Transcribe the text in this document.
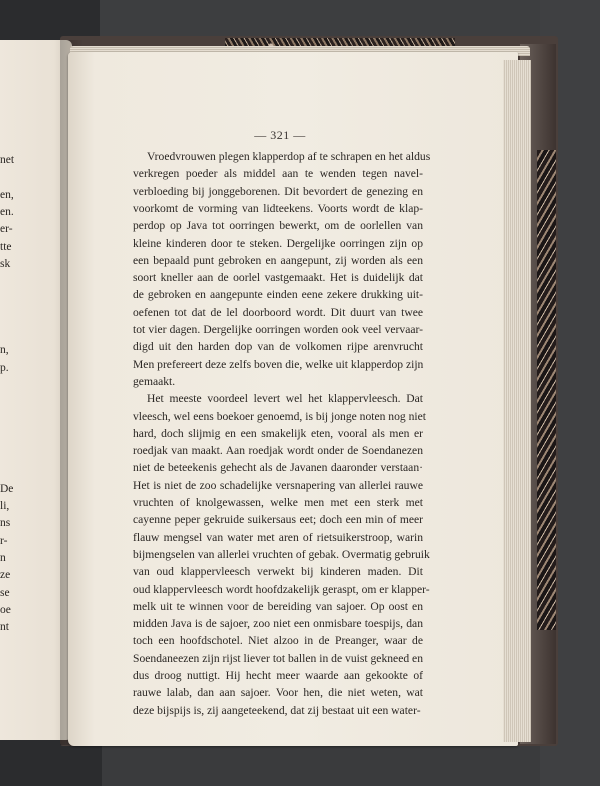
net
en,
en.
er-
tte
sk
n,
p.
De
li,
ns
r-
n
ze
se
oe
nt
— 321 —
Vroedvrouwen plegen klapperdop af te schrapen en het aldus
verkregen poeder als middel aan te wenden tegen navel-
verbloeding bij jonggeborenen. Dit bevordert de genezing en
voorkomt de vorming van lidteekens. Voorts wordt de klap-
perdop op Java tot oorringen bewerkt, om de oorlellen van
kleine kinderen door te steken. Dergelijke oorringen zijn op
een bepaald punt gebroken en aangepunt, zij worden als een
soort kneller aan de oorlel vastgemaakt. Het is duidelijk dat
de gebroken en aangepunte einden eene zekere drukking uit-
oefenen tot dat de lel doorboord wordt. Dit duurt van twee
tot vier dagen. Dergelijke oorringen worden ook veel vervaar-
digd uit den harden dop van de volkomen rijpe arenvrucht
Men prefereert deze zelfs boven die, welke uit klapperdop zijn
gemaakt.
Het meeste voordeel levert wel het klappervleesch. Dat
vleesch, wel eens boekoer genoemd, is bij jonge noten nog niet
hard, doch slijmig en een smakelijk eten, vooral als men er
roedjak van maakt. Aan roedjak wordt onder de Soendanezen
niet de beteekenis gehecht als de Javanen daaronder verstaan·
Het is niet de zoo schadelijke versnapering van allerlei rauwe
vruchten of knolgewassen, welke men met een sterk met
cayenne peper gekruide suikersaus eet; doch een min of meer
flauw mengsel van water met aren of rietsuikerstroop, warin
bijmengselen van allerlei vruchten of gebak. Overmatig gebruik
van oud klappervleesch verwekt bij kinderen maden. Dit
oud klappervleesch wordt hoofdzakelijk geraspt, om er klapper-
melk uit te winnen voor de bereiding van sajoer. Op oost en
midden Java is de sajoer, zoo niet een onmisbare toespijs, dan
toch een hoofdschotel. Niet alzoo in de Preanger, waar de
Soendaneezen zijn rijst liever tot ballen in de vuist gekneed en
dus droog nuttigt. Hij hecht meer waarde aan gekookte of
rauwe lalab, dan aan sajoer. Voor hen, die niet weten, wat
deze bijspijs is, zij aangeteekend, dat zij bestaat uit een water-
